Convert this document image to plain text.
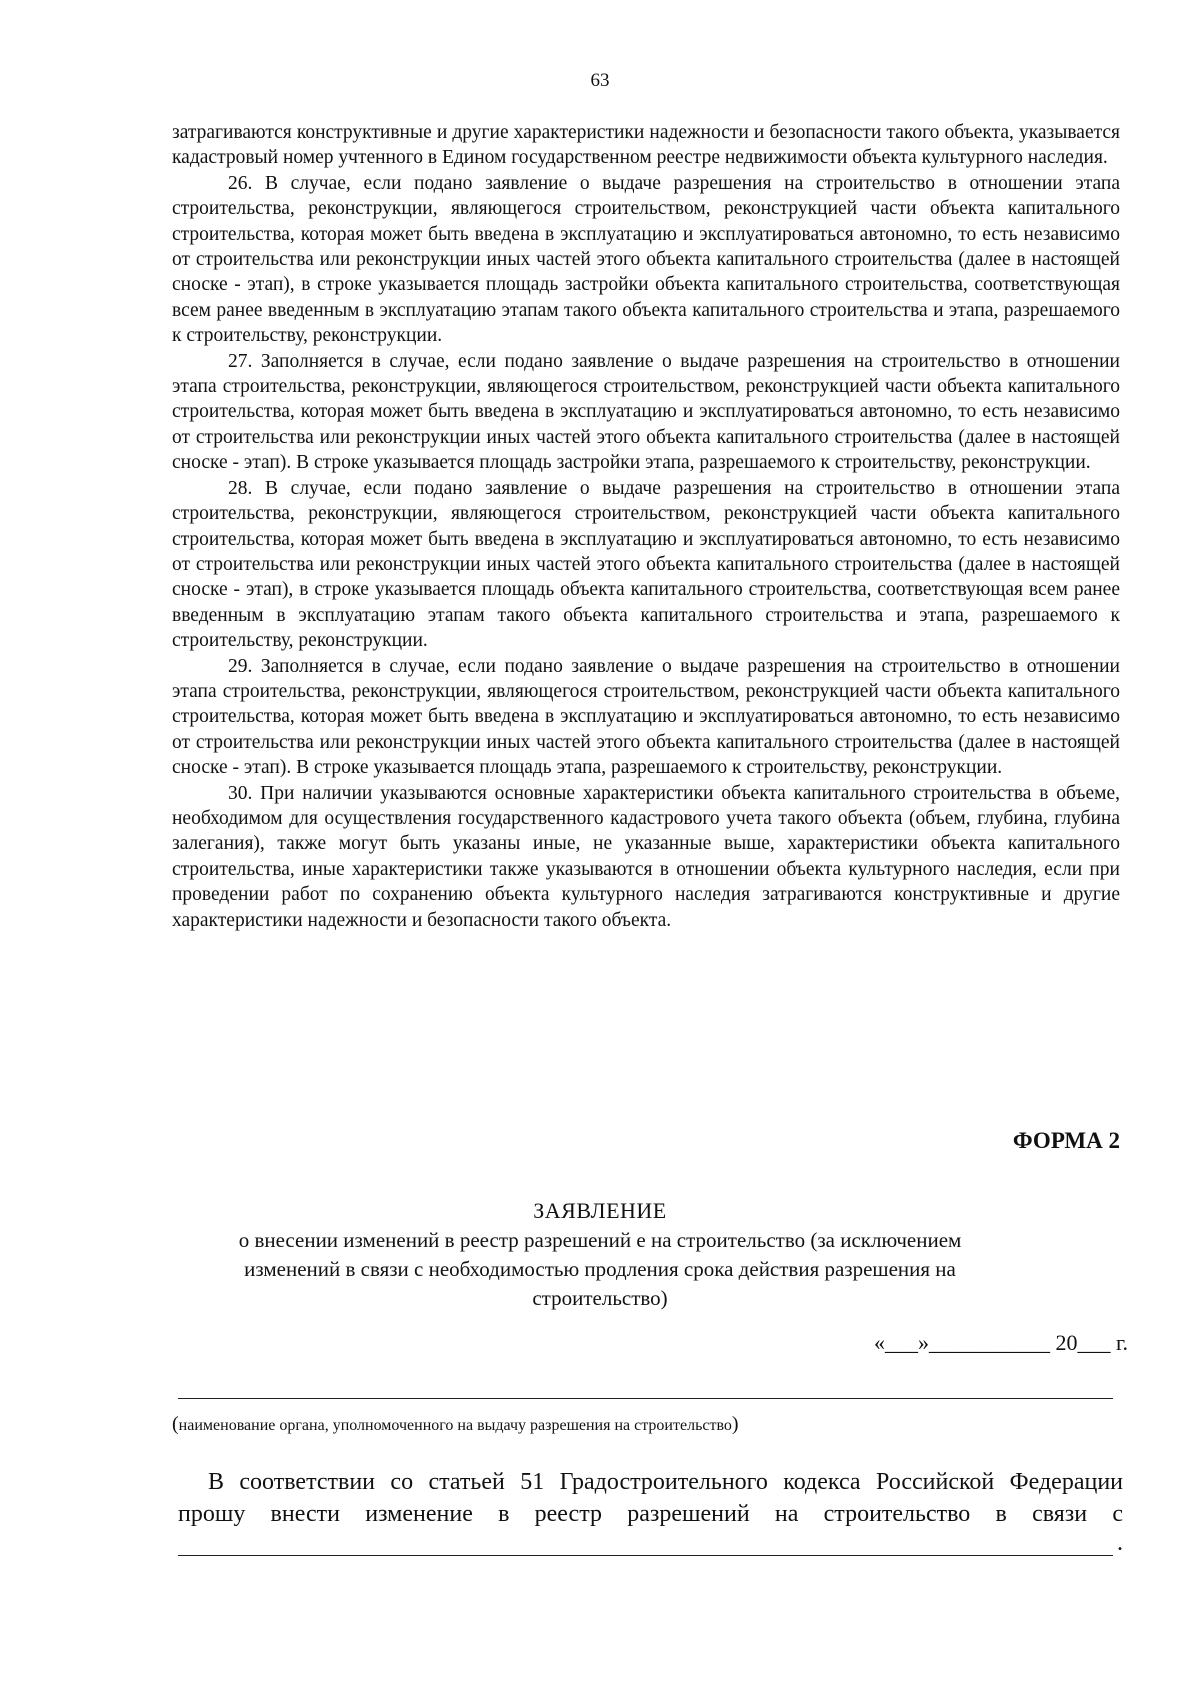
63

затрагиваются конструктивные и другие характеристики надежности и безопасности такого объекта, указывается кадастровый номер учтенного в Едином государственном реестре недвижимости объекта культурного наследия.

26. В случае, если подано заявление о выдаче разрешения на строительство в отношении этапа строительства, реконструкции, являющегося строительством, реконструкцией части объекта капитального строительства, которая может быть введена в эксплуатацию и эксплуатироваться автономно, то есть независимо от строительства или реконструкции иных частей этого объекта капитального строительства (далее в настоящей сноске - этап), в строке указывается площадь застройки объекта капитального строительства, соответствующая всем ранее введенным в эксплуатацию этапам такого объекта капитального строительства и этапа, разрешаемого к строительству, реконструкции.

27. Заполняется в случае, если подано заявление о выдаче разрешения на строительство в отношении этапа строительства, реконструкции, являющегося строительством, реконструкцией части объекта капитального строительства, которая может быть введена в эксплуатацию и эксплуатироваться автономно, то есть независимо от строительства или реконструкции иных частей этого объекта капитального строительства (далее в настоящей сноске - этап). В строке указывается площадь застройки этапа, разрешаемого к строительству, реконструкции.

28. В случае, если подано заявление о выдаче разрешения на строительство в отношении этапа строительства, реконструкции, являющегося строительством, реконструкцией части объекта капитального строительства, которая может быть введена в эксплуатацию и эксплуатироваться автономно, то есть независимо от строительства или реконструкции иных частей этого объекта капитального строительства (далее в настоящей сноске - этап), в строке указывается площадь объекта капитального строительства, соответствующая всем ранее введенным в эксплуатацию этапам такого объекта капитального строительства и этапа, разрешаемого к строительству, реконструкции.

29. Заполняется в случае, если подано заявление о выдаче разрешения на строительство в отношении этапа строительства, реконструкции, являющегося строительством, реконструкцией части объекта капитального строительства, которая может быть введена в эксплуатацию и эксплуатироваться автономно, то есть независимо от строительства или реконструкции иных частей этого объекта капитального строительства (далее в настоящей сноске - этап). В строке указывается площадь этапа, разрешаемого к строительству, реконструкции.

30. При наличии указываются основные характеристики объекта капитального строительства в объеме, необходимом для осуществления государственного кадастрового учета такого объекта (объем, глубина, глубина залегания), также могут быть указаны иные, не указанные выше, характеристики объекта капитального строительства, иные характеристики также указываются в отношении объекта культурного наследия, если при проведении работ по сохранению объекта культурного наследия затрагиваются конструктивные и другие характеристики надежности и безопасности такого объекта.

ФОРМА 2
ЗАЯВЛЕНИЕ
о внесении изменений в реестр разрешений е на строительство (за исключением изменений в связи с необходимостью продления срока действия разрешения на строительство)
«___»___________ 20___ г.
(наименование органа, уполномоченного на выдачу разрешения на строительство)
В соответствии со статьей 51 Градостроительного кодекса Российской Федерации
прошу внести изменение в реестр разрешений на строительство в связи с
.
